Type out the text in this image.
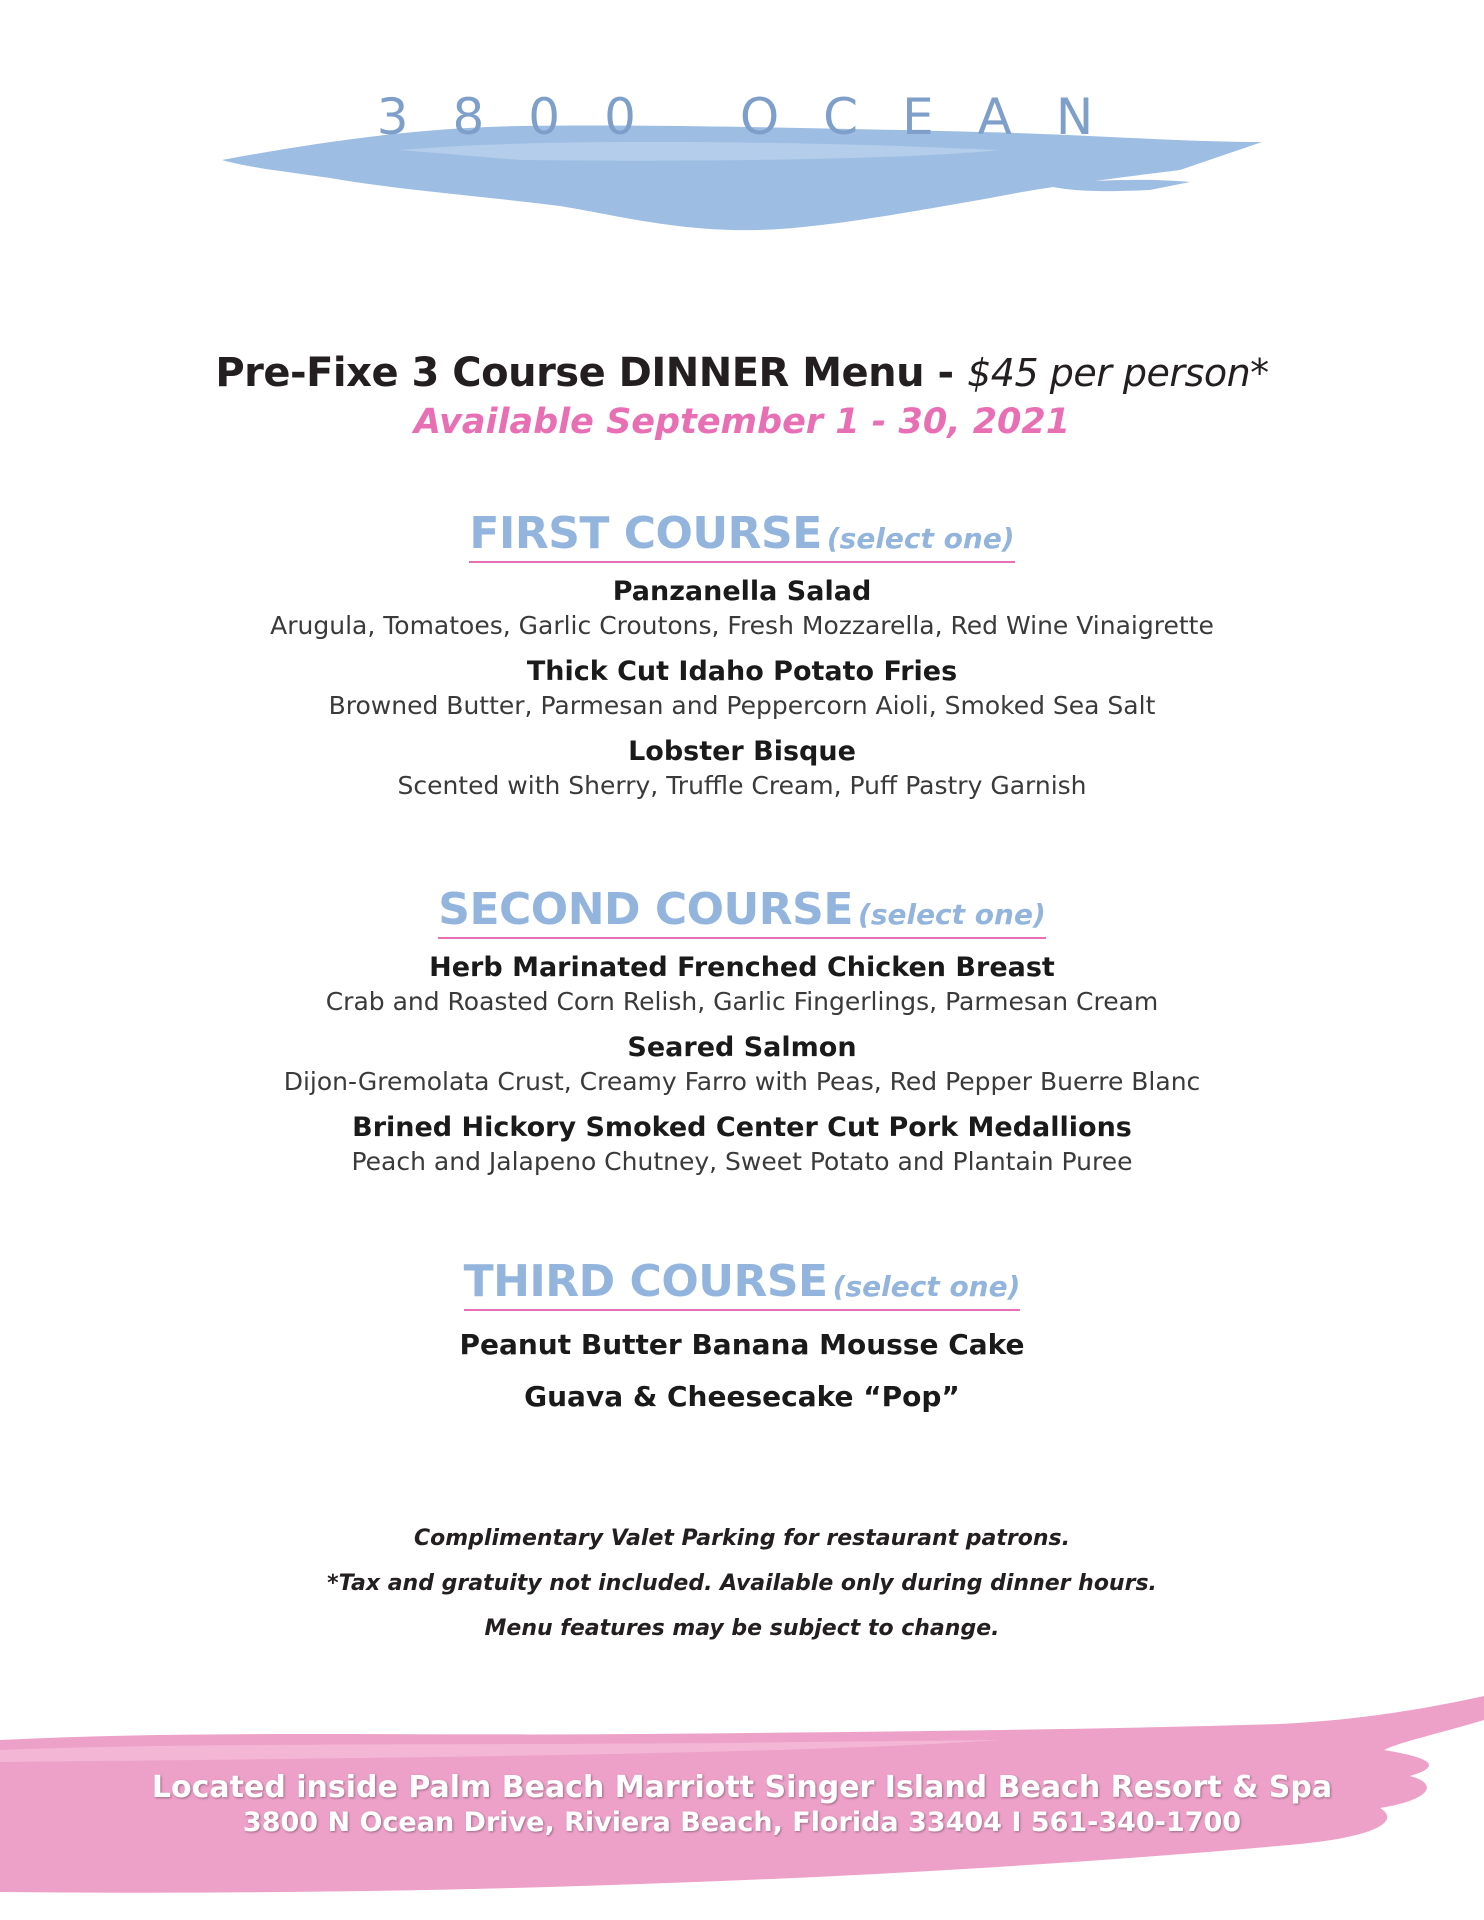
3800 OCEAN
Pre-Fixe 3 Course DINNER Menu - $45 per person*
Available September 1 - 30, 2021
FIRST COURSE (select one)
Panzanella Salad
Arugula, Tomatoes, Garlic Croutons, Fresh Mozzarella, Red Wine Vinaigrette
Thick Cut Idaho Potato Fries
Browned Butter, Parmesan and Peppercorn Aioli, Smoked Sea Salt
Lobster Bisque
Scented with Sherry, Truffle Cream, Puff Pastry Garnish
SECOND COURSE (select one)
Herb Marinated Frenched Chicken Breast
Crab and Roasted Corn Relish, Garlic Fingerlings, Parmesan Cream
Seared Salmon
Dijon-Gremolata Crust, Creamy Farro with Peas, Red Pepper Buerre Blanc
Brined Hickory Smoked Center Cut Pork Medallions
Peach and Jalapeno Chutney, Sweet Potato and Plantain Puree
THIRD COURSE (select one)
Peanut Butter Banana Mousse Cake
Guava & Cheesecake “Pop”
Complimentary Valet Parking for restaurant patrons.
*Tax and gratuity not included. Available only during dinner hours.
Menu features may be subject to change.
Located inside Palm Beach Marriott Singer Island Beach Resort & Spa
3800 N Ocean Drive, Riviera Beach, Florida 33404 I 561-340-1700
